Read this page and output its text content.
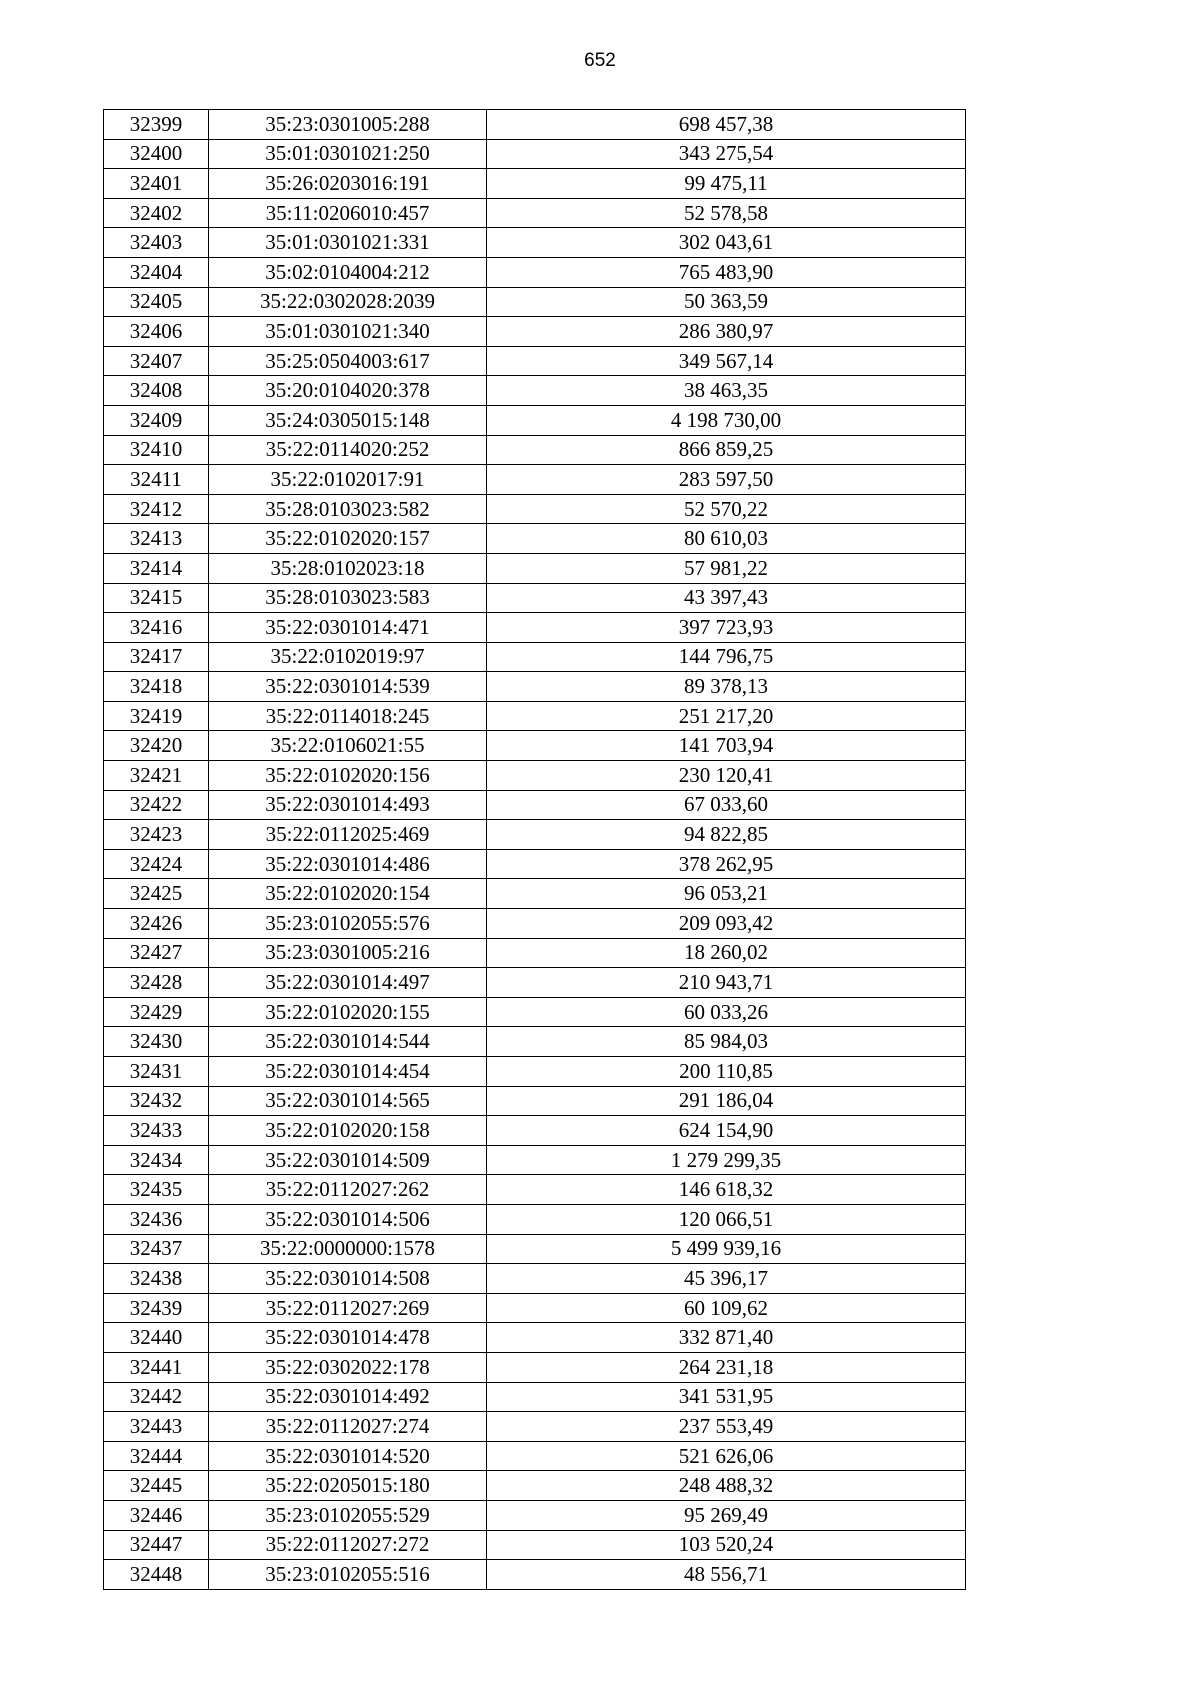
652
32399	35:23:0301005:288	698 457,38
32400	35:01:0301021:250	343 275,54
32401	35:26:0203016:191	99 475,11
32402	35:11:0206010:457	52 578,58
32403	35:01:0301021:331	302 043,61
32404	35:02:0104004:212	765 483,90
32405	35:22:0302028:2039	50 363,59
32406	35:01:0301021:340	286 380,97
32407	35:25:0504003:617	349 567,14
32408	35:20:0104020:378	38 463,35
32409	35:24:0305015:148	4 198 730,00
32410	35:22:0114020:252	866 859,25
32411	35:22:0102017:91	283 597,50
32412	35:28:0103023:582	52 570,22
32413	35:22:0102020:157	80 610,03
32414	35:28:0102023:18	57 981,22
32415	35:28:0103023:583	43 397,43
32416	35:22:0301014:471	397 723,93
32417	35:22:0102019:97	144 796,75
32418	35:22:0301014:539	89 378,13
32419	35:22:0114018:245	251 217,20
32420	35:22:0106021:55	141 703,94
32421	35:22:0102020:156	230 120,41
32422	35:22:0301014:493	67 033,60
32423	35:22:0112025:469	94 822,85
32424	35:22:0301014:486	378 262,95
32425	35:22:0102020:154	96 053,21
32426	35:23:0102055:576	209 093,42
32427	35:23:0301005:216	18 260,02
32428	35:22:0301014:497	210 943,71
32429	35:22:0102020:155	60 033,26
32430	35:22:0301014:544	85 984,03
32431	35:22:0301014:454	200 110,85
32432	35:22:0301014:565	291 186,04
32433	35:22:0102020:158	624 154,90
32434	35:22:0301014:509	1 279 299,35
32435	35:22:0112027:262	146 618,32
32436	35:22:0301014:506	120 066,51
32437	35:22:0000000:1578	5 499 939,16
32438	35:22:0301014:508	45 396,17
32439	35:22:0112027:269	60 109,62
32440	35:22:0301014:478	332 871,40
32441	35:22:0302022:178	264 231,18
32442	35:22:0301014:492	341 531,95
32443	35:22:0112027:274	237 553,49
32444	35:22:0301014:520	521 626,06
32445	35:22:0205015:180	248 488,32
32446	35:23:0102055:529	95 269,49
32447	35:22:0112027:272	103 520,24
32448	35:23:0102055:516	48 556,71
